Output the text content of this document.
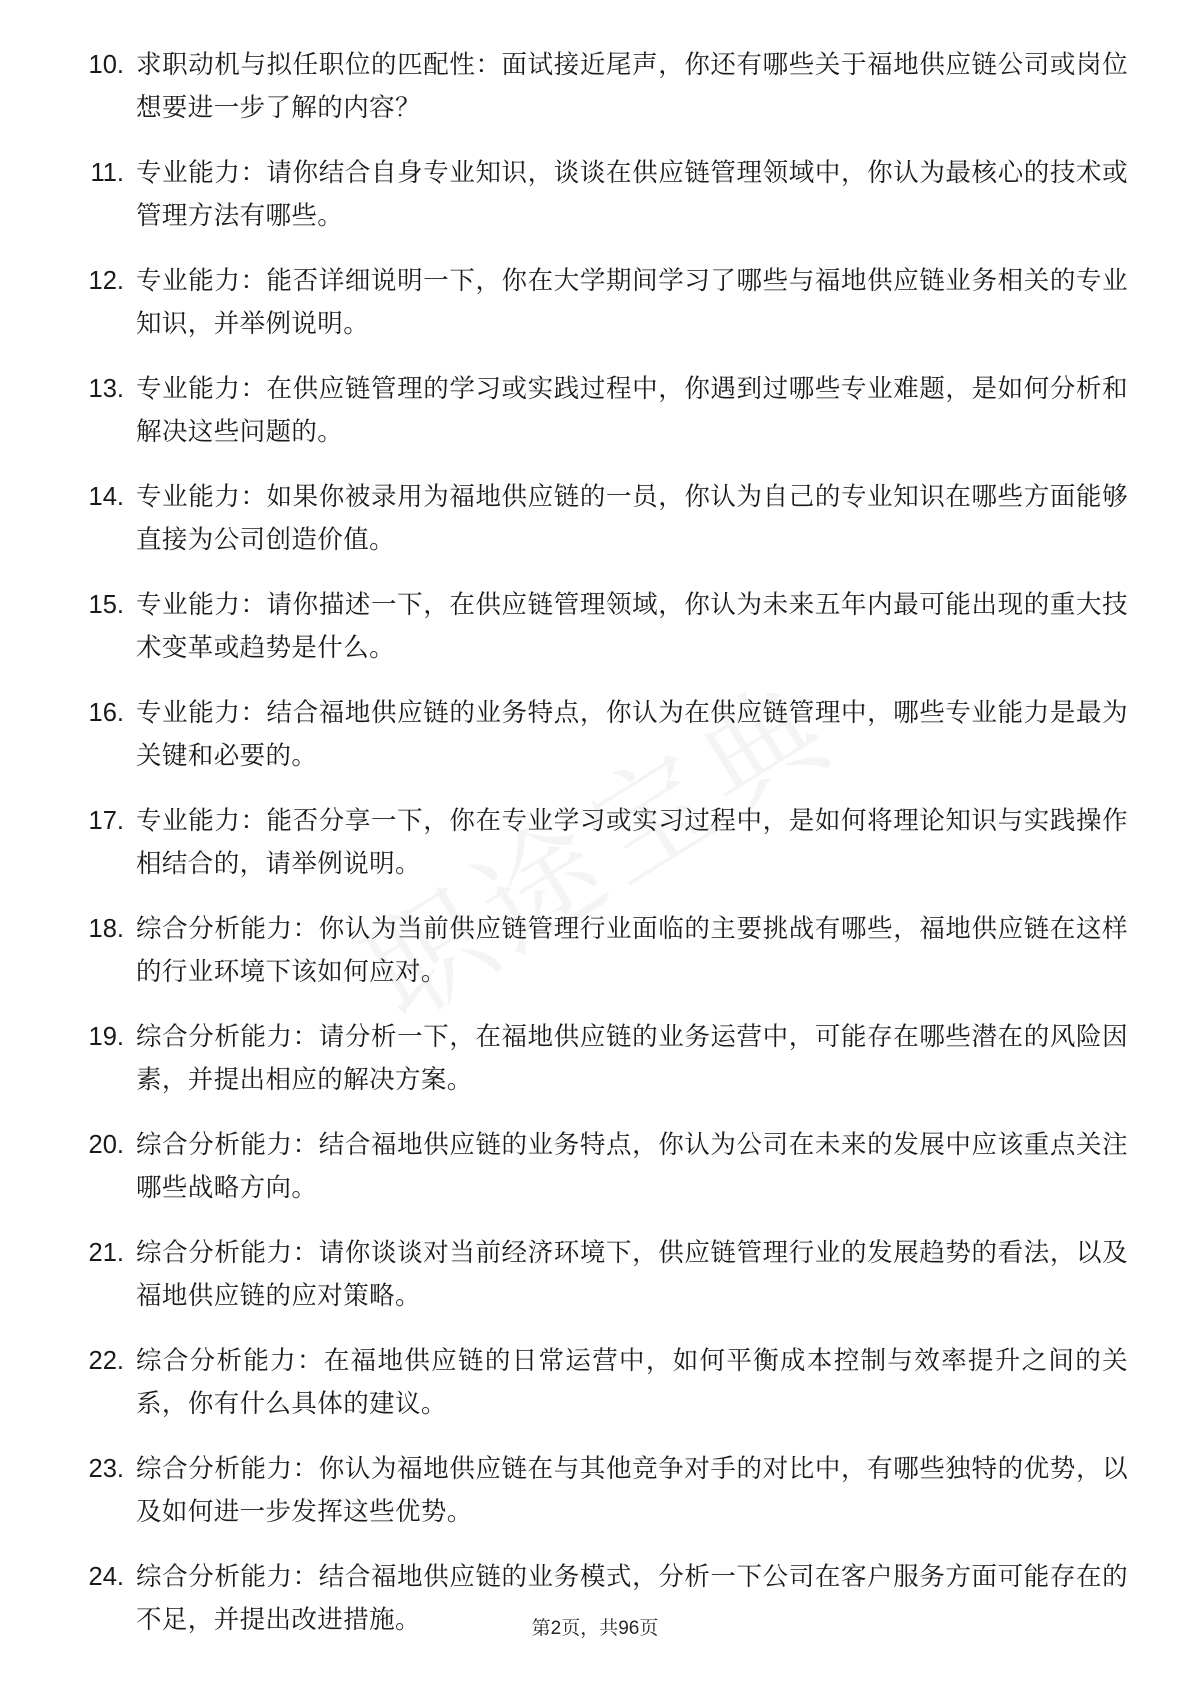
10. 求职动机与拟任职位的匹配性：面试接近尾声，你还有哪些关于福地供应链公司或岗位想要进一步了解的内容？
11. 专业能力：请你结合自身专业知识，谈谈在供应链管理领域中，你认为最核心的技术或管理方法有哪些。
12. 专业能力：能否详细说明一下，你在大学期间学习了哪些与福地供应链业务相关的专业知识，并举例说明。
13. 专业能力：在供应链管理的学习或实践过程中，你遇到过哪些专业难题，是如何分析和解决这些问题的。
14. 专业能力：如果你被录用为福地供应链的一员，你认为自己的专业知识在哪些方面能够直接为公司创造价值。
15. 专业能力：请你描述一下，在供应链管理领域，你认为未来五年内最可能出现的重大技术变革或趋势是什么。
16. 专业能力：结合福地供应链的业务特点，你认为在供应链管理中，哪些专业能力是最为关键和必要的。
17. 专业能力：能否分享一下，你在专业学习或实习过程中，是如何将理论知识与实践操作相结合的，请举例说明。
18. 综合分析能力：你认为当前供应链管理行业面临的主要挑战有哪些，福地供应链在这样的行业环境下该如何应对。
19. 综合分析能力：请分析一下，在福地供应链的业务运营中，可能存在哪些潜在的风险因素，并提出相应的解决方案。
20. 综合分析能力：结合福地供应链的业务特点，你认为公司在未来的发展中应该重点关注哪些战略方向。
21. 综合分析能力：请你谈谈对当前经济环境下，供应链管理行业的发展趋势的看法，以及福地供应链的应对策略。
22. 综合分析能力：在福地供应链的日常运营中，如何平衡成本控制与效率提升之间的关系，你有什么具体的建议。
23. 综合分析能力：你认为福地供应链在与其他竞争对手的对比中，有哪些独特的优势，以及如何进一步发挥这些优势。
24. 综合分析能力：结合福地供应链的业务模式，分析一下公司在客户服务方面可能存在的不足，并提出改进措施。	第2页，共96页
